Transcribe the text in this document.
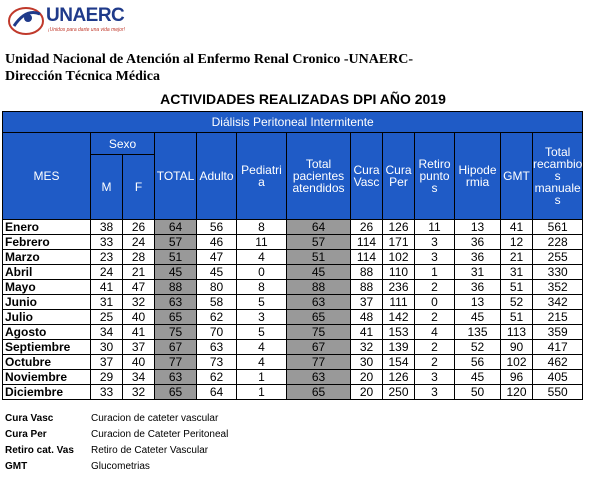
UNAERC
¡Unidos para darte una vida mejor!
Unidad Nacional de Atención al Enfermo Renal Cronico -UNAERC-
Dirección Técnica Médica
ACTIVIDADES REALIZADAS DPI AÑO 2019
Diálisis Peritoneal Intermitente												
MES	Sexo		TOTAL	Adulto	Pediatri a	Total pacientes atendidos	Cura Vasc	Cura Per	Retiro punto s	Hipode rmia	GMT	Total recambio s manuale s
	M	F										
Enero	38	26	64	56	8	64	26	126	11	13	41	561
Febrero	33	24	57	46	11	57	114	171	3	36	12	228
Marzo	23	28	51	47	4	51	114	102	3	36	21	255
Abril	24	21	45	45	0	45	88	110	1	31	31	330
Mayo	41	47	88	80	8	88	88	236	2	36	51	352
Junio	31	32	63	58	5	63	37	111	0	13	52	342
Julio	25	40	65	62	3	65	48	142	2	45	51	215
Agosto	34	41	75	70	5	75	41	153	4	135	113	359
Septiembre	30	37	67	63	4	67	32	139	2	52	90	417
Octubre	37	40	77	73	4	77	30	154	2	56	102	462
Noviembre	29	34	63	62	1	63	20	126	3	45	96	405
Diciembre	33	32	65	64	1	65	20	250	3	50	120	550
Cura Vasc	Curacion de cateter vascular
Cura Per	Curacion de Cateter Peritoneal
Retiro cat. Vas Retiro de Cateter Vascular
GMT	Glucometrias
